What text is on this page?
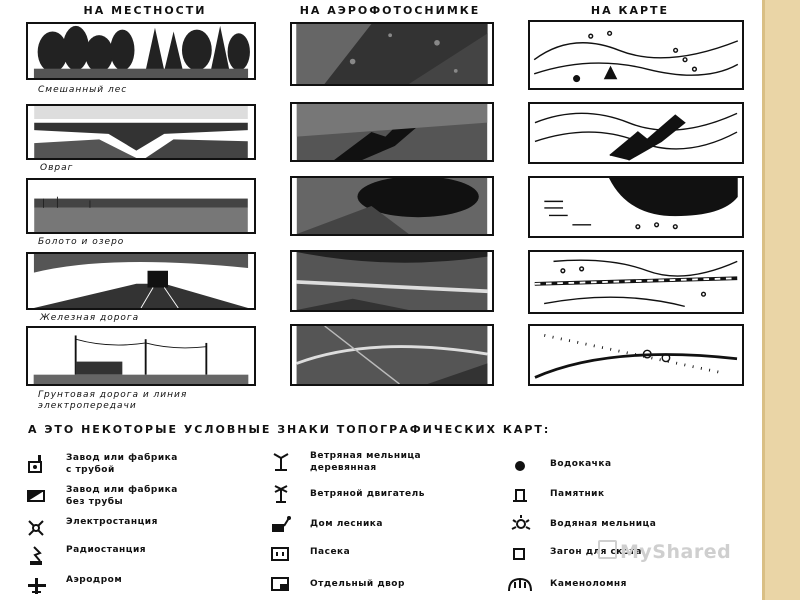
НА МЕСТНОСТИ	НА АЭРОФОТОСНИМКЕ	НА КАРТЕ
Смешанный лес
Овраг
Болото и озеро
Железная дорога
Грунтовая дорога и линия электропередачи
А ЭТО НЕКОТОРЫЕ УСЛОВНЫЕ ЗНАКИ ТОПОГРАФИЧЕСКИХ КАРТ:
Завод или фабрика
с трубой
Завод или фабрика
без трубы
Электростанция
Радиостанция
Аэродром
Ветряная мельница
деревянная
Ветряной двигатель
Дом лесника
Пасека
Отдельный двор
Водокачка
Памятник
Водяная мельница
Загон для скота
Каменоломня
MyShared
